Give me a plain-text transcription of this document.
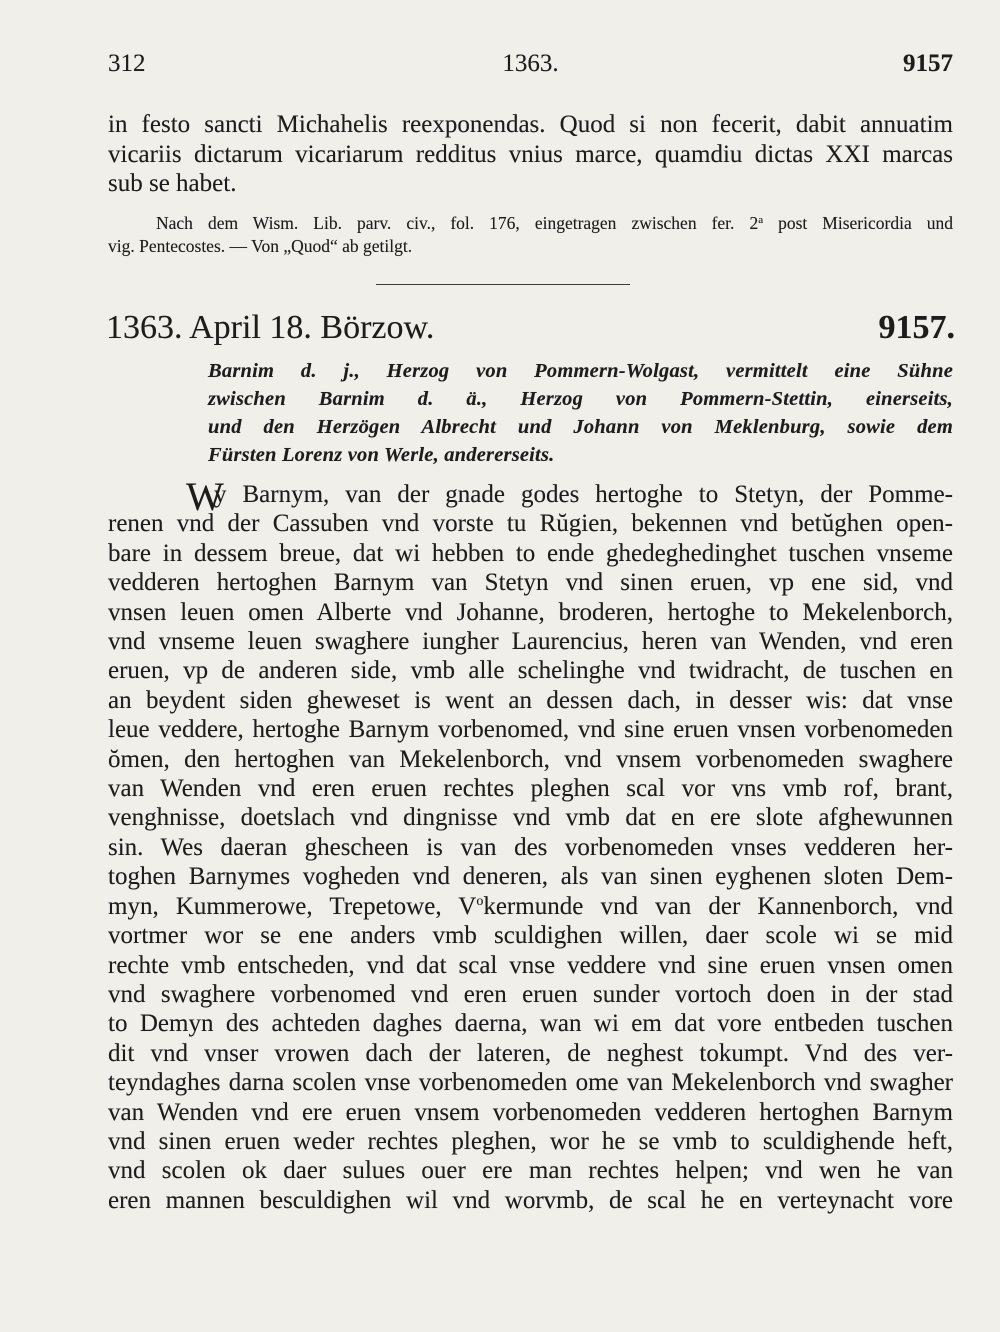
312	1363.	9157
in festo sancti Michahelis reexponendas. Quod si non fecerit, dabit annuatim
vicariis dictarum vicariarum redditus vnius marce, quamdiu dictas XXI marcas
sub se habet.
Nach dem Wism. Lib. parv. civ., fol. 176, eingetragen zwischen fer. 2$^a$ post Misericordia und
vig. Pentecostes. — Von „Quod“ ab getilgt.
1363. April 18. Börzow.	9157.
Barnim d. j., Herzog von Pommern-Wolgast, vermittelt eine Sühne
zwischen Barnim d. ä., Herzog von Pommern-Stettin, einerseits,
und den Herzögen Albrecht und Johann von Meklenburg, sowie dem
Fürsten Lorenz von Werle, andererseits.
W
y Barnym, van der gnade godes hertoghe to Stetyn, der Pomme-
renen vnd der Cassuben vnd vorste tu Rŭgien, bekennen vnd betŭghen open-
bare in dessem breue, dat wi hebben to ende ghedeghedinghet tuschen vnseme
vedderen hertoghen Barnym van Stetyn vnd sinen eruen, vp ene sid, vnd
vnsen leuen omen Alberte vnd Johanne, broderen, hertoghe to Mekelenborch,
vnd vnseme leuen swaghere iungher Laurencius, heren van Wenden, vnd eren
eruen, vp de anderen side, vmb alle schelinghe vnd twidracht, de tuschen en
an beydent siden gheweset is went an dessen dach, in desser wis: dat vnse
leue veddere, hertoghe Barnym vorbenomed, vnd sine eruen vnsen vorbenomeden
ŏmen, den hertoghen van Mekelenborch, vnd vnsem vorbenomeden swaghere
van Wenden vnd eren eruen rechtes pleghen scal vor vns vmb rof, brant,
venghnisse, doetslach vnd dingnisse vnd vmb dat en ere slote afghewunnen
sin. Wes daeran ghescheen is van des vorbenomeden vnses vedderen her-
toghen Barnymes vogheden vnd deneren, als van sinen eyghenen sloten Dem-
myn, Kummerowe, Trepetowe, $V^okermunde$ vnd van der Kannenborch, vnd
vortmer wor se ene anders vmb sculdighen willen, daer scole wi se mid
rechte vmb entscheden, vnd dat scal vnse veddere vnd sine eruen vnsen omen
vnd swaghere vorbenomed vnd eren eruen sunder vortoch doen in der stad
to Demyn des achteden daghes daerna, wan wi em dat vore entbeden tuschen
dit vnd vnser vrowen dach der lateren, de neghest tokumpt. Vnd des ver-
teyndaghes darna scolen vnse vorbenomeden ome van Mekelenborch vnd swagher
van Wenden vnd ere eruen vnsem vorbenomeden vedderen hertoghen Barnym
vnd sinen eruen weder rechtes pleghen, wor he se vmb to sculdighende heft,
vnd scolen ok daer sulues ouer ere man rechtes helpen; vnd wen he van
eren mannen besculdighen wil vnd worvmb, de scal he en verteynacht vore
